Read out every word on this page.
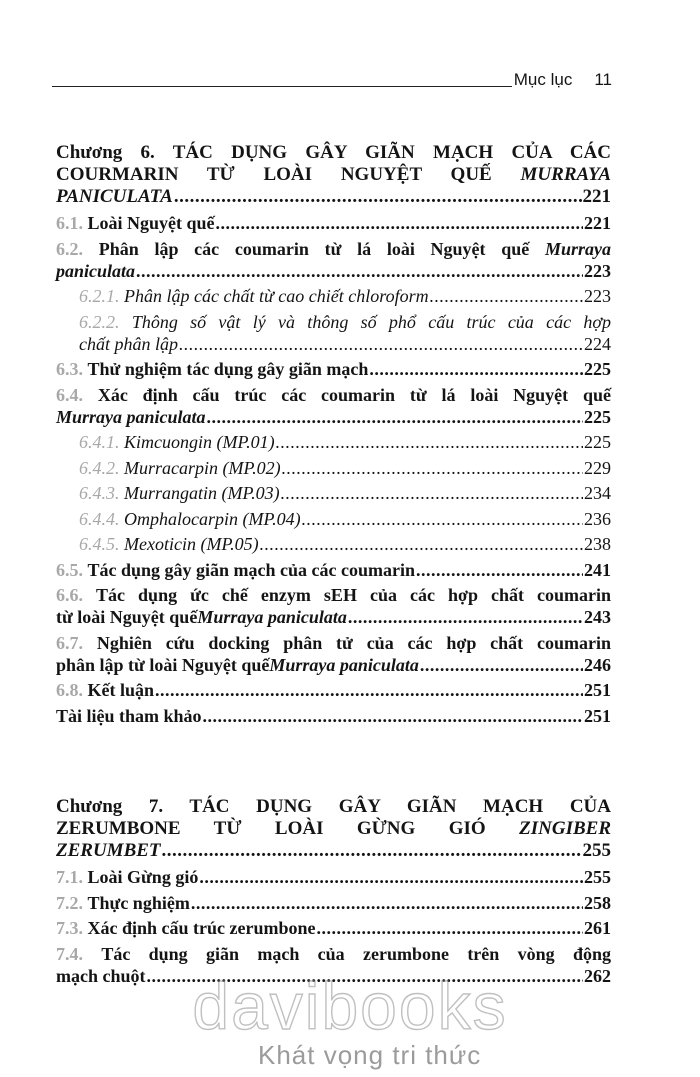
Mục lục 11
Chương 6. TÁC DỤNG GÂY GIÃN MẠCH CỦA CÁC
COURMARIN TỪ LOÀI NGUYỆT QUẾ MURRAYA
PANICULATA .....	221
6.1.
Loài Nguyệt quế .....	221
6.2. Phân lập các coumarin từ lá loài Nguyệt quế Murraya
paniculata .....	223
6.2.1.
Phân lập các chất từ cao chiết chloroform .....	223
6.2.2. Thông số vật lý và thông số phổ cấu trúc của các hợp
chất phân lập .....	224
6.3.
Thử nghiệm tác dụng gây giãn mạch .....	225
6.4. Xác định cấu trúc các coumarin từ lá loài Nguyệt quế
Murraya paniculata .....	225
6.4.1.
Kimcuongin (MP.01) .....	225
6.4.2.
Murracarpin (MP.02) .....	229
6.4.3.
Murrangatin (MP.03) .....	234
6.4.4.
Omphalocarpin (MP.04) .....	236
6.4.5.
Mexoticin (MP.05) .....	238
6.5.
Tác dụng gây giãn mạch của các coumarin .....	241
6.6. Tác dụng ức chế enzym sEH của các hợp chất coumarin
từ loài Nguyệt quế Murraya paniculata .....	243
6.7. Nghiên cứu docking phân tử của các hợp chất coumarin
phân lập từ loài Nguyệt quế Murraya paniculata .....	246
6.8.
Kết luận .....	251
Tài liệu tham khảo .....	251
Chương 7. TÁC DỤNG GÂY GIÃN MẠCH CỦA
ZERUMBONE TỪ LOÀI GỪNG GIÓ ZINGIBER
ZERUMBET .....	255
7.1.
Loài Gừng gió .....	255
7.2.
Thực nghiệm .....	258
7.3.
Xác định cấu trúc zerumbone .....	261
7.4. Tác dụng giãn mạch của zerumbone trên vòng động
mạch chuột .....	262
davibooks
Khát vọng tri thức
